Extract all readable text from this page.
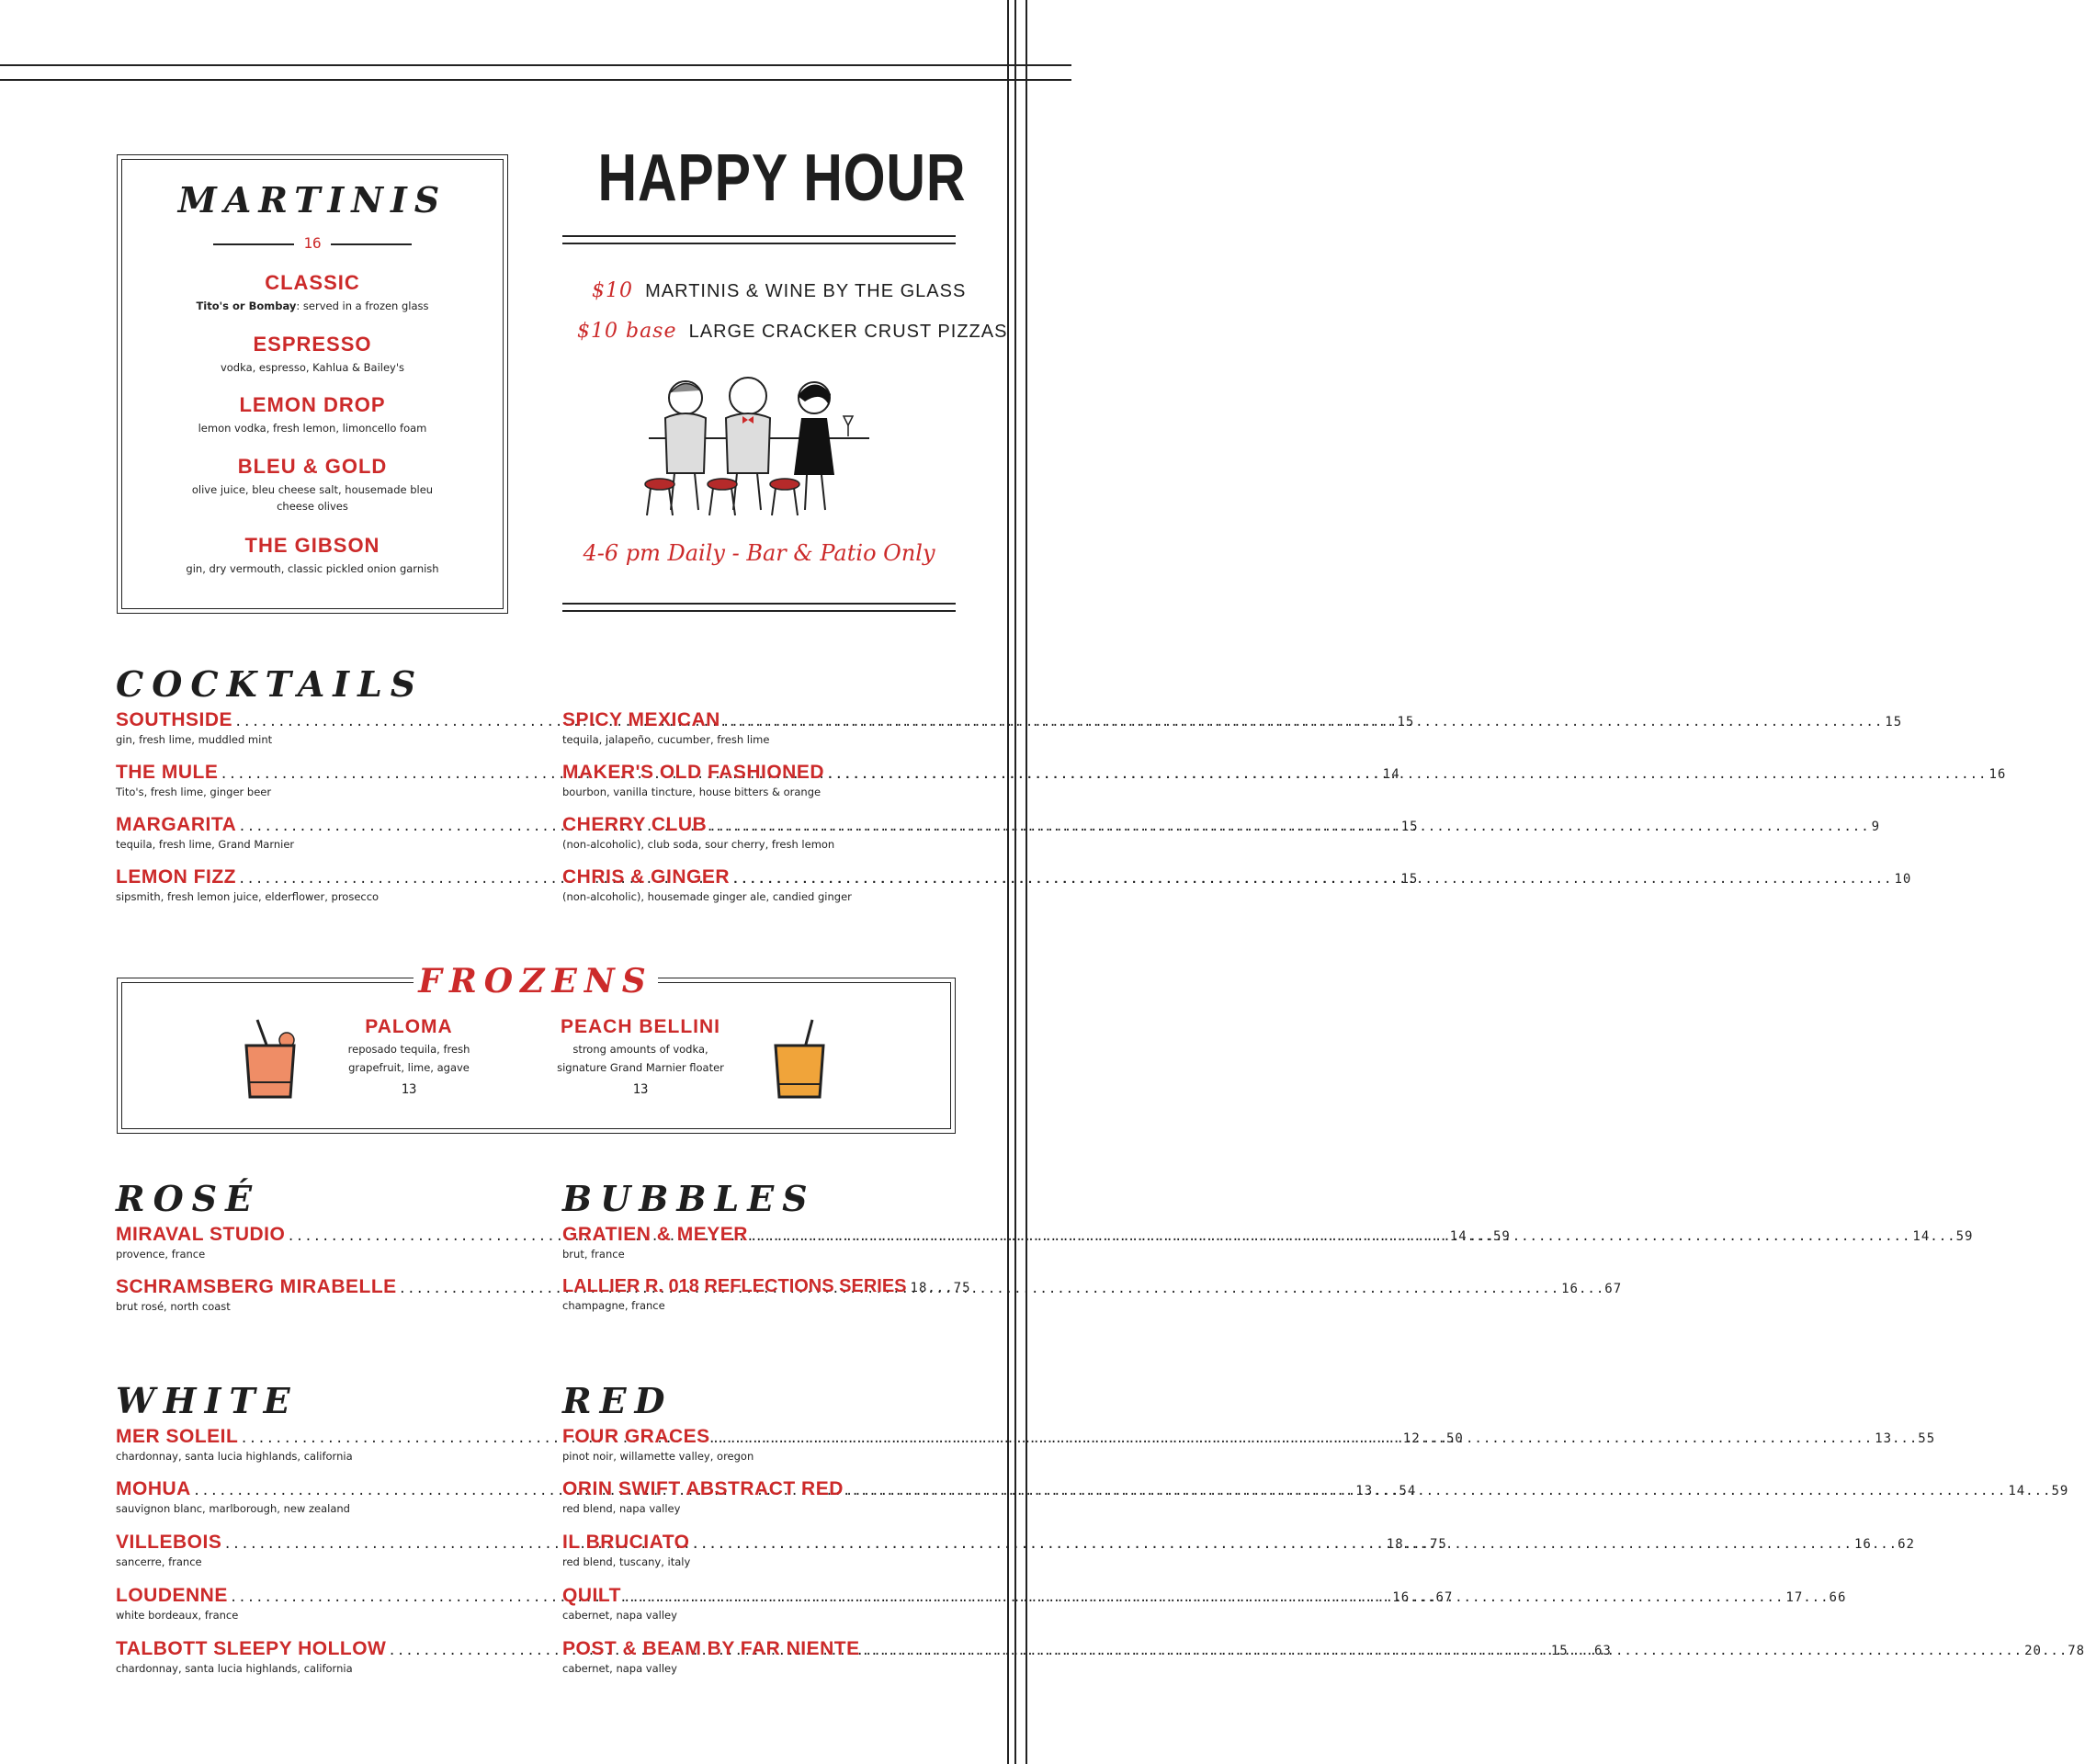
MARTINIS
16
CLASSIC
Tito's or Bombay: served in a frozen glass
ESPRESSO
vodka, espresso, Kahlua & Bailey's
LEMON DROP
lemon vodka, fresh lemon, limoncello foam
BLEU & GOLD
olive juice, bleu cheese salt, housemade bleu cheese olives
THE GIBSON
gin, dry vermouth, classic pickled onion garnish
HAPPY HOUR
$10 MARTINIS & WINE BY THE GLASS
$10 base LARGE CRACKER CRUST PIZZAS
4-6 pm Daily - Bar & Patio Only
COCKTAILS
SOUTHSIDE .....	15
gin, fresh lime, muddled mint
THE MULE .....	14
Tito's, fresh lime, ginger beer
MARGARITA .....	15
tequila, fresh lime, Grand Marnier
LEMON FIZZ .....	15
sipsmith, fresh lemon juice, elderflower, prosecco
SPICY MEXICAN .....	15
tequila, jalapeño, cucumber, fresh lime
MAKER'S OLD FASHIONED .....	16
bourbon, vanilla tincture, house bitters & orange
CHERRY CLUB .....	9
(non-alcoholic), club soda, sour cherry, fresh lemon
CHRIS & GINGER .....	10
(non-alcoholic), housemade ginger ale, candied ginger
FROZENS
PALOMA
reposado tequila, fresh
grapefruit, lime, agave
13
PEACH BELLINI
strong amounts of vodka,
signature Grand Marnier floater
13
ROSÉ
MIRAVAL STUDIO .....	14...59
provence, france
SCHRAMSBERG MIRABELLE .....	16...67
brut rosé, north coast
BUBBLES
GRATIEN & MEYER .....	14...59
brut, france
LALLIER R. 018 REFLECTIONS SERIES 18...75
champagne, france
WHITE
MER SOLEIL .....	12...50
chardonnay, santa lucia highlands, california
MOHUA .....	13...54
sauvignon blanc, marlborough, new zealand
VILLEBOIS .....	18...75
sancerre, france
LOUDENNE .....	16...67
white bordeaux, france
TALBOTT SLEEPY HOLLOW .....	15...63
chardonnay, santa lucia highlands, california
RED
FOUR GRACES .....	13...55
pinot noir, willamette valley, oregon
ORIN SWIFT ABSTRACT RED .....	14...59
red blend, napa valley
IL BRUCIATO .....	16...62
red blend, tuscany, italy
QUILT .....	17...66
cabernet, napa valley
POST & BEAM BY FAR NIENTE .....	20...78
cabernet, napa valley
